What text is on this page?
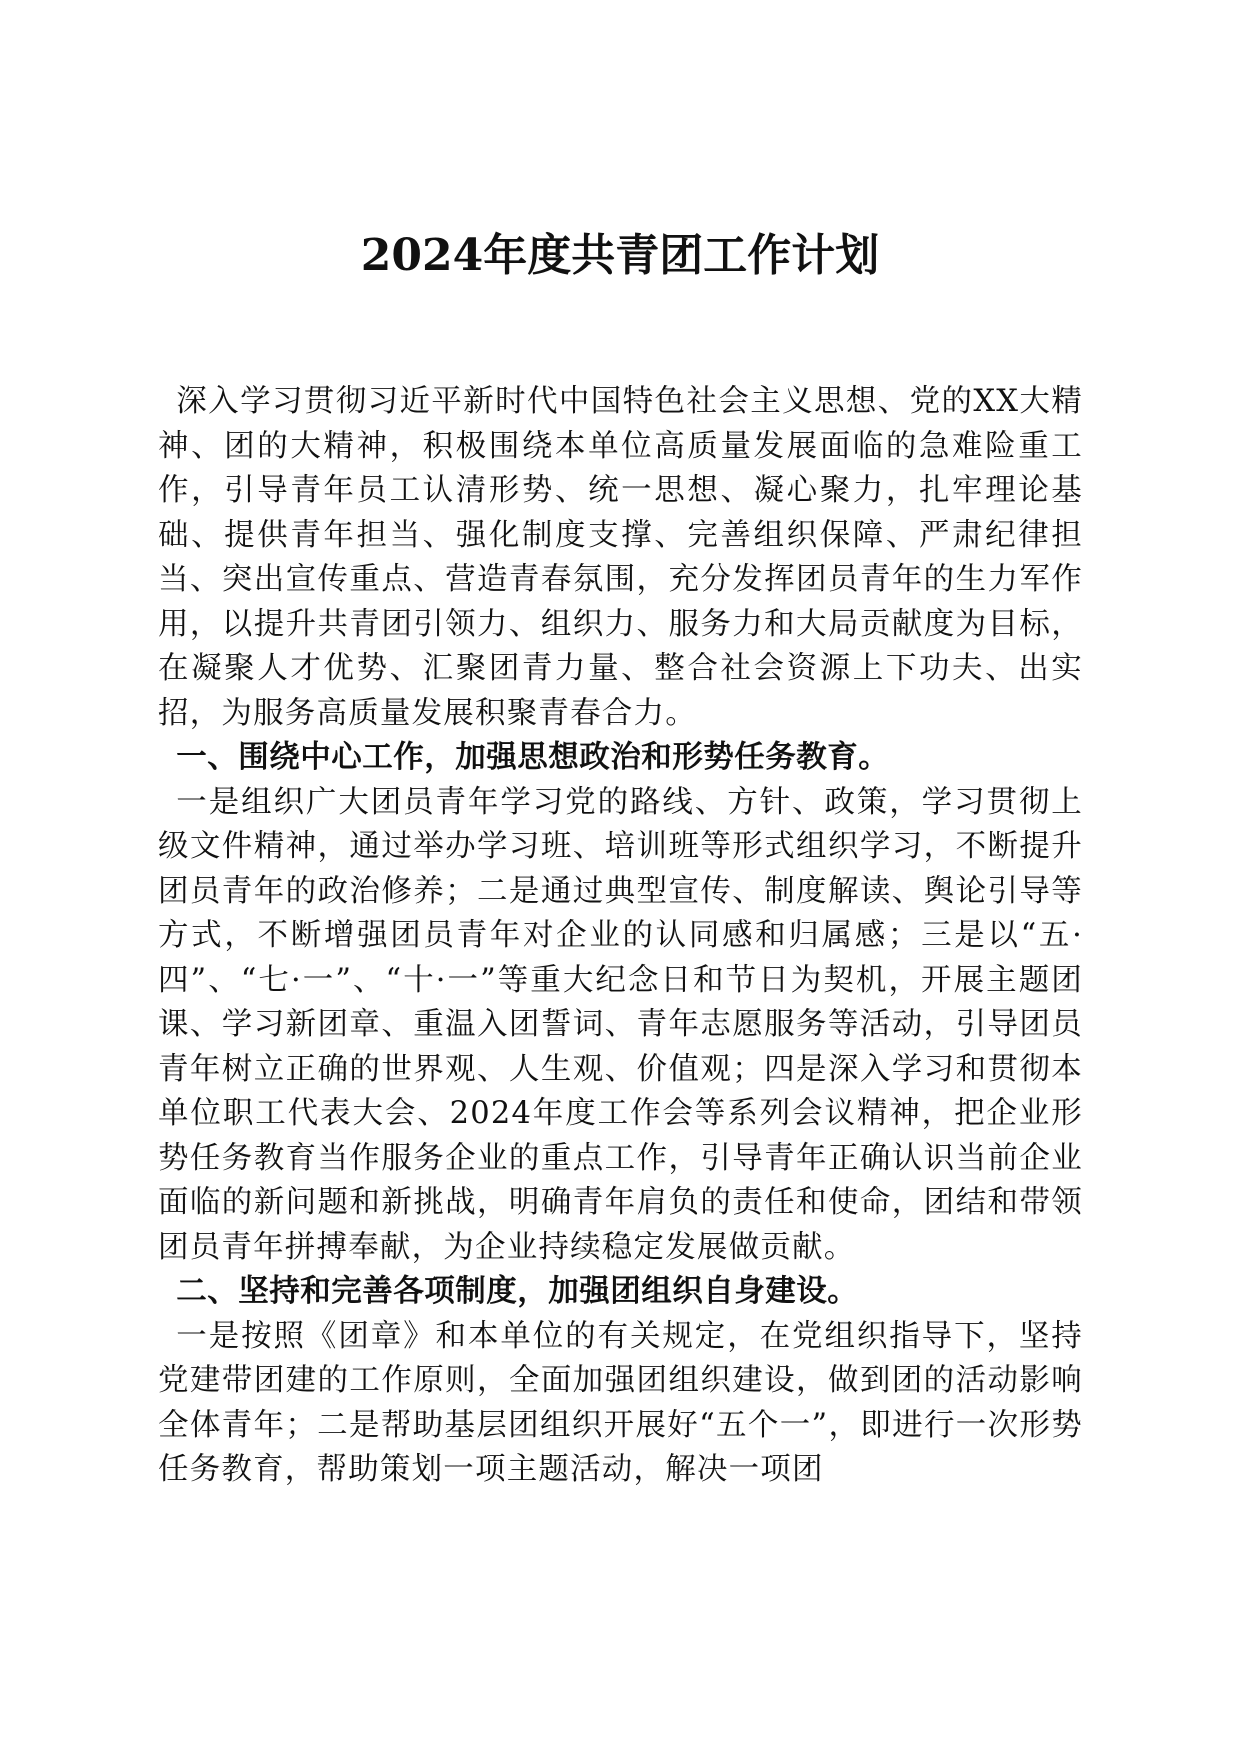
2024年度共青团工作计划

深入学习贯彻习近平新时代中国特色社会主义思想、党的XX大精神、团的大精神，积极围绕本单位高质量发展面临的急难险重工作，引导青年员工认清形势、统一思想、凝心聚力，扎牢理论基础、提供青年担当、强化制度支撑、完善组织保障、严肃纪律担当、突出宣传重点、营造青春氛围，充分发挥团员青年的生力军作用，以提升共青团引领力、组织力、服务力和大局贡献度为目标，在凝聚人才优势、汇聚团青力量、整合社会资源上下功夫、出实招，为服务高质量发展积聚青春合力。

一、围绕中心工作，加强思想政治和形势任务教育。

一是组织广大团员青年学习党的路线、方针、政策，学习贯彻上级文件精神，通过举办学习班、培训班等形式组织学习，不断提升团员青年的政治修养；二是通过典型宣传、制度解读、舆论引导等方式，不断增强团员青年对企业的认同感和归属感；三是以“五·四”、“七·一”、“十·一”等重大纪念日和节日为契机，开展主题团课、学习新团章、重温入团誓词、青年志愿服务等活动，引导团员青年树立正确的世界观、人生观、价值观；四是深入学习和贯彻本单位职工代表大会、2024年度工作会等系列会议精神，把企业形势任务教育当作服务企业的重点工作，引导青年正确认识当前企业面临的新问题和新挑战，明确青年肩负的责任和使命，团结和带领团员青年拼搏奉献，为企业持续稳定发展做贡献。

二、坚持和完善各项制度，加强团组织自身建设。

一是按照《团章》和本单位的有关规定，在党组织指导下，坚持党建带团建的工作原则，全面加强团组织建设，做到团的活动影响全体青年；二是帮助基层团组织开展好“五个一”，即进行一次形势任务教育，帮助策划一项主题活动，解决一项团
